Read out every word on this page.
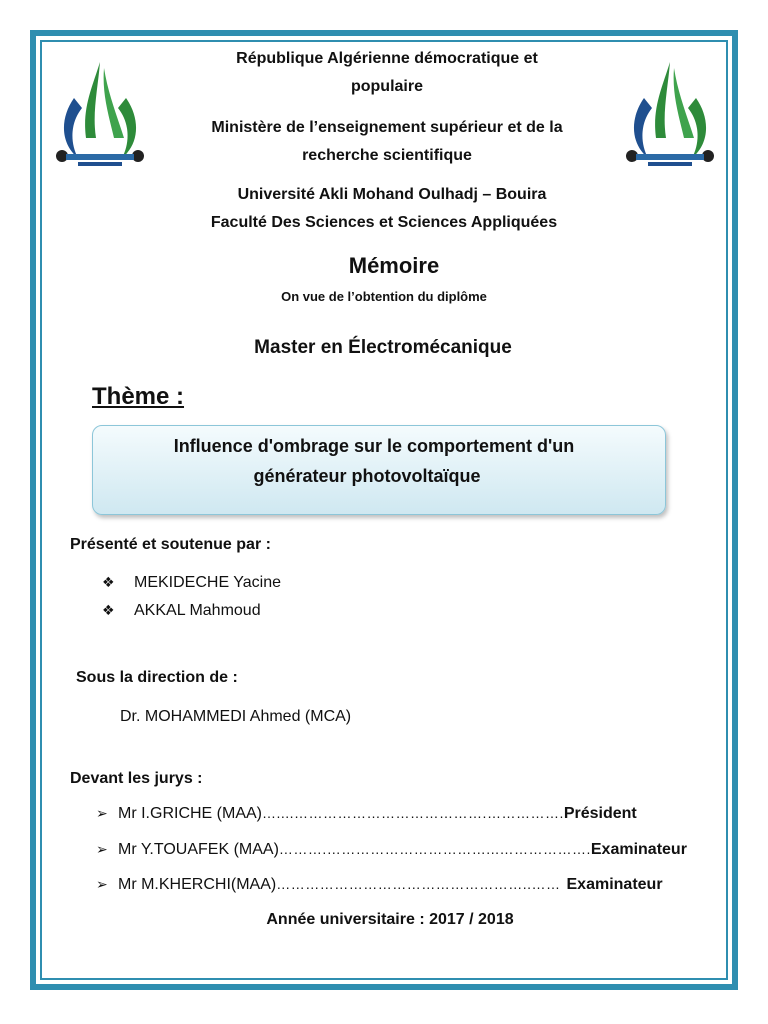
République Algérienne démocratique et
populaire
Ministère de l’enseignement supérieur et de la
recherche scientifique
Université Akli Mohand Oulhadj – Bouira
Faculté Des Sciences et Sciences Appliquées
Mémoire
On vue de l’obtention du diplôme
Master en Électromécanique
Thème :
Influence d'ombrage sur le comportement d'un
générateur photovoltaïque
Présenté et soutenue par :
❖ MEKIDECHE Yacine
❖ AKKAL Mahmoud
Sous la direction de :
Dr. MOHAMMEDI Ahmed (MCA)
Devant les jurys :
➢ Mr I.GRICHE (MAA)…....………………………………….…………….Président
➢ Mr Y.TOUAFEK (MAA)……….……………………………...……………….Examinateur
➢ Mr M.KHERCHI(MAA)……………………………………………..…… Examinateur
Année universitaire : 2017 / 2018
